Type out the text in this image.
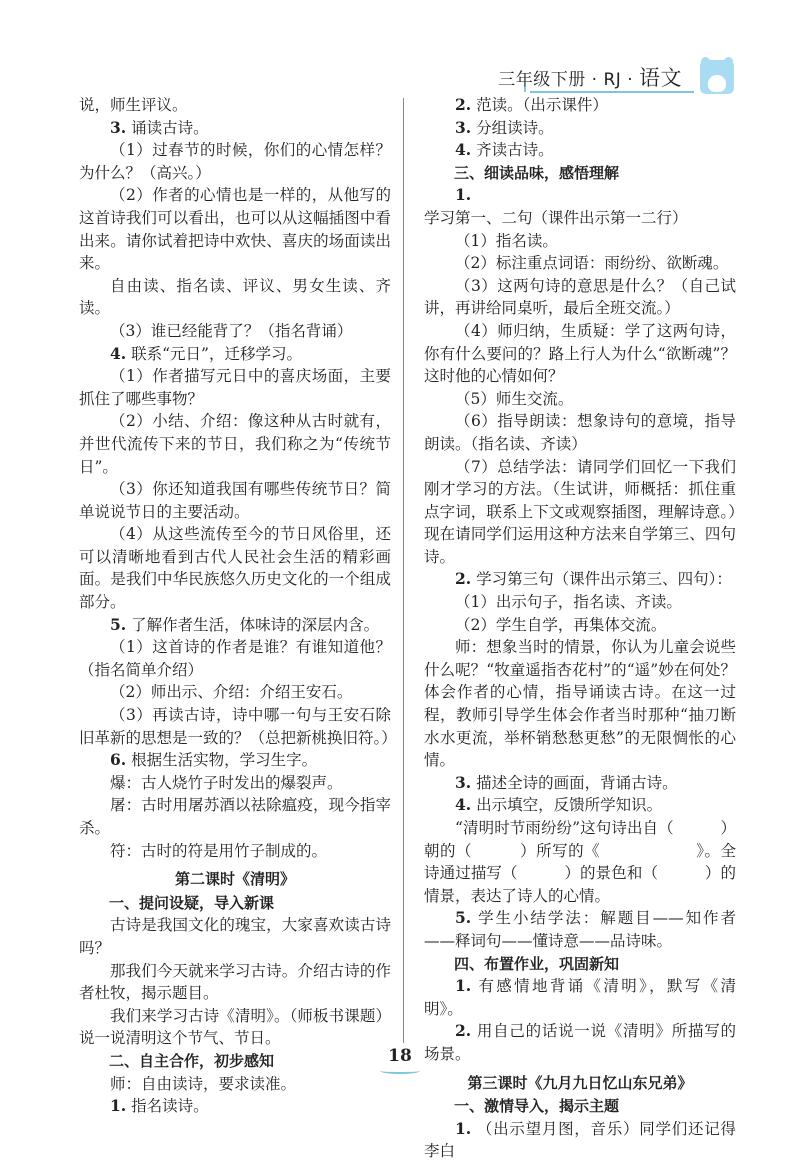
三年级下册 · RJ · 语文

说，师生评议。

3. 诵读古诗。

（1）过春节的时候，你们的心情怎样？为什么？（高兴。）

（2）作者的心情也是一样的，从他写的这首诗我们可以看出，也可以从这幅插图中看出来。请你试着把诗中欢快、喜庆的场面读出来。

自由读、指名读、评议、男女生读、齐读。

（3）谁已经能背了？（指名背诵）

4. 联系“元日”，迁移学习。

（1）作者描写元日中的喜庆场面，主要抓住了哪些事物？

（2）小结、介绍：像这种从古时就有，并世代流传下来的节日，我们称之为“传统节日”。

（3）你还知道我国有哪些传统节日？简单说说节日的主要活动。

（4）从这些流传至今的节日风俗里，还可以清晰地看到古代人民社会生活的精彩画面。是我们中华民族悠久历史文化的一个组成部分。

5. 了解作者生活，体味诗的深层内含。

（1）这首诗的作者是谁？有谁知道他？（指名简单介绍）

（2）师出示、介绍：介绍王安石。

（3）再读古诗，诗中哪一句与王安石除旧革新的思想是一致的？（总把新桃换旧符。）

6. 根据生活实物，学习生字。

爆：古人烧竹子时发出的爆裂声。

屠：古时用屠苏酒以祛除瘟疫，现今指宰杀。

符：古时的符是用竹子制成的。

第二课时《清明》

一、提问设疑，导入新课

古诗是我国文化的瑰宝，大家喜欢读古诗吗？

那我们今天就来学习古诗。介绍古诗的作者杜牧，揭示题目。

我们来学习古诗《清明》。（师板书课题）说一说清明这个节气、节日。

二、自主合作，初步感知

师：自由读诗，要求读准。

1. 指名读诗。

2. 范读。（出示课件）

3. 分组读诗。

4. 齐读古诗。

三、细读品味，感悟理解

1. 学习第一、二句（课件出示第一二行）

（1）指名读。

（2）标注重点词语：雨纷纷、欲断魂。

（3）这两句诗的意思是什么？（自己试讲，再讲给同桌听，最后全班交流。）

（4）师归纳，生质疑：学了这两句诗，你有什么要问的？路上行人为什么“欲断魂”？这时他的心情如何？

（5）师生交流。

（6）指导朗读：想象诗句的意境，指导朗读。（指名读、齐读）

（7）总结学法：请同学们回忆一下我们刚才学习的方法。（生试讲，师概括：抓住重点字词，联系上下文或观察插图，理解诗意。）现在请同学们运用这种方法来自学第三、四句诗。

2. 学习第三句（课件出示第三、四句）：

（1）出示句子，指名读、齐读。

（2）学生自学，再集体交流。

师：想象当时的情景，你认为儿童会说些什么呢？“牧童遥指杏花村”的“遥”妙在何处？体会作者的心情，指导诵读古诗。在这一过程，教师引导学生体会作者当时那种“抽刀断水水更流，举杯销愁愁更愁”的无限惆怅的心情。

3. 描述全诗的画面，背诵古诗。

4. 出示填空，反馈所学知识。

“清明时节雨纷纷”这句诗出自（　　　）朝的（　　　）所写的《　　　　　　》。全诗通过描写（　　　）的景色和（　　　）的情景，表达了诗人的心情。

5. 学生小结学法：解题目——知作者——释词句——懂诗意——品诗味。

四、布置作业，巩固新知

1. 有感情地背诵《清明》，默写《清明》。

2. 用自己的话说一说《清明》所描写的场景。

第三课时《九月九日忆山东兄弟》

一、激情导入，揭示主题

1. （出示望月图，音乐）同学们还记得李白

18
